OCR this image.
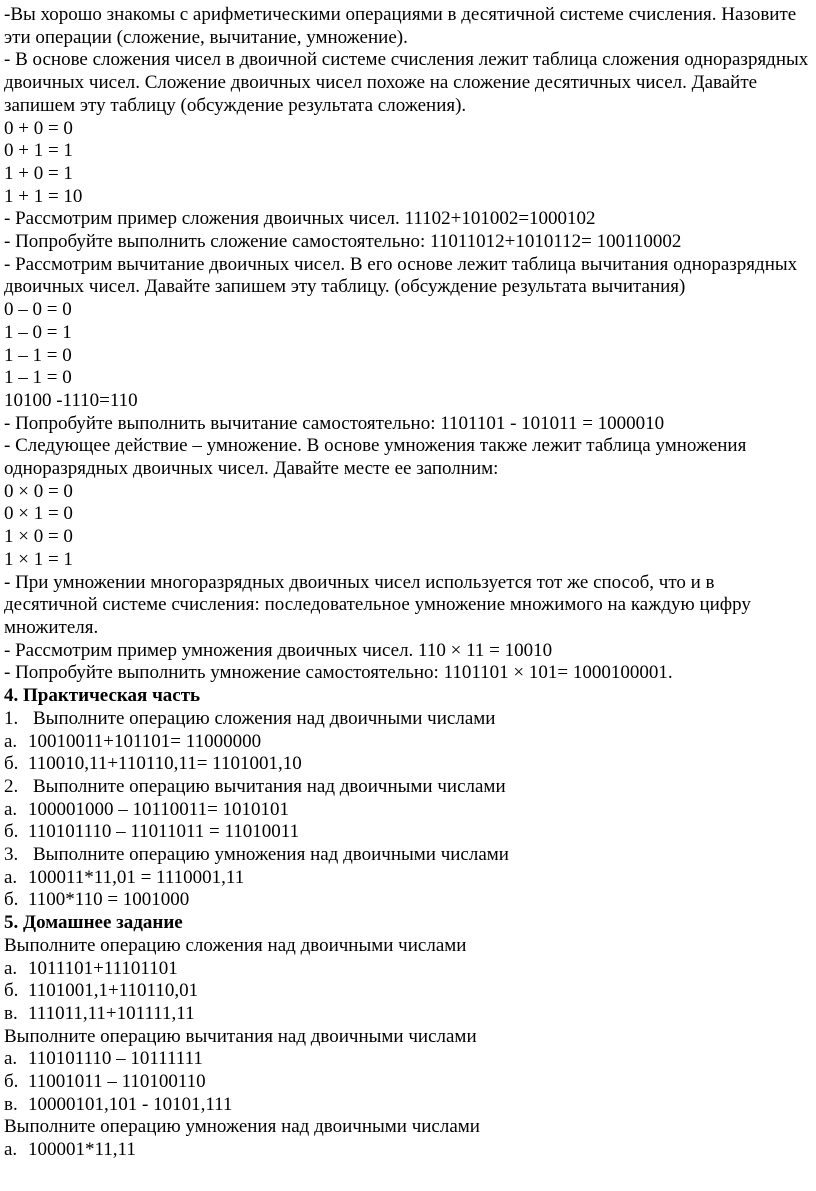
-Вы хорошо знакомы с арифметическими операциями в десятичной системе счисления. Назовите эти операции (сложение, вычитание, умножение).

- В основе сложения чисел в двоичной системе счисления лежит таблица сложения одноразрядных двоичных чисел. Сложение двоичных чисел похоже на сложение десятичных чисел. Давайте запишем эту таблицу (обсуждение результата сложения).

0 + 0 = 0

0 + 1 = 1

1 + 0 = 1

1 + 1 = 10

- Рассмотрим пример сложения двоичных чисел. 11102+101002=1000102

- Попробуйте выполнить сложение самостоятельно: 11011012+1010112= 100110002

- Рассмотрим вычитание двоичных чисел. В его основе лежит таблица вычитания одноразрядных двоичных чисел. Давайте запишем эту таблицу. (обсуждение результата вычитания)

0 – 0 = 0

1 – 0 = 1

1 – 1 = 0

1 – 1 = 0

10100 -1110=110

- Попробуйте выполнить вычитание самостоятельно: 1101101 - 101011 = 1000010

- Следующее действие – умножение. В основе умножения также лежит таблица умножения одноразрядных двоичных чисел. Давайте месте ее заполним:

0 × 0 = 0

0 × 1 = 0

1 × 0 = 0

1 × 1 = 1

- При умножении многоразрядных двоичных чисел используется тот же способ, что и в десятичной системе счисления: последовательное умножение множимого на каждую цифру множителя.

- Рассмотрим пример умножения двоичных чисел. 110 × 11 = 10010

- Попробуйте выполнить умножение самостоятельно: 1101101 × 101= 1000100001.

4. Практическая часть

1. Выполните операцию сложения над двоичными числами

а. 10010011+101101= 11000000

б. 110010,11+110110,11= 1101001,10

2. Выполните операцию вычитания над двоичными числами

а. 100001000 – 10110011= 1010101

б. 110101110 – 11011011 = 11010011

3. Выполните операцию умножения над двоичными числами

а. 100011*11,01 = 1110001,11

б. 1100*110 = 1001000

5. Домашнее задание

Выполните операцию сложения над двоичными числами

а. 1011101+11101101

б. 1101001,1+110110,01

в. 111011,11+101111,11

Выполните операцию вычитания над двоичными числами

а. 110101110 – 10111111

б. 11001011 – 110100110

в. 10000101,101 - 10101,111

Выполните операцию умножения над двоичными числами

а. 100001*11,11
